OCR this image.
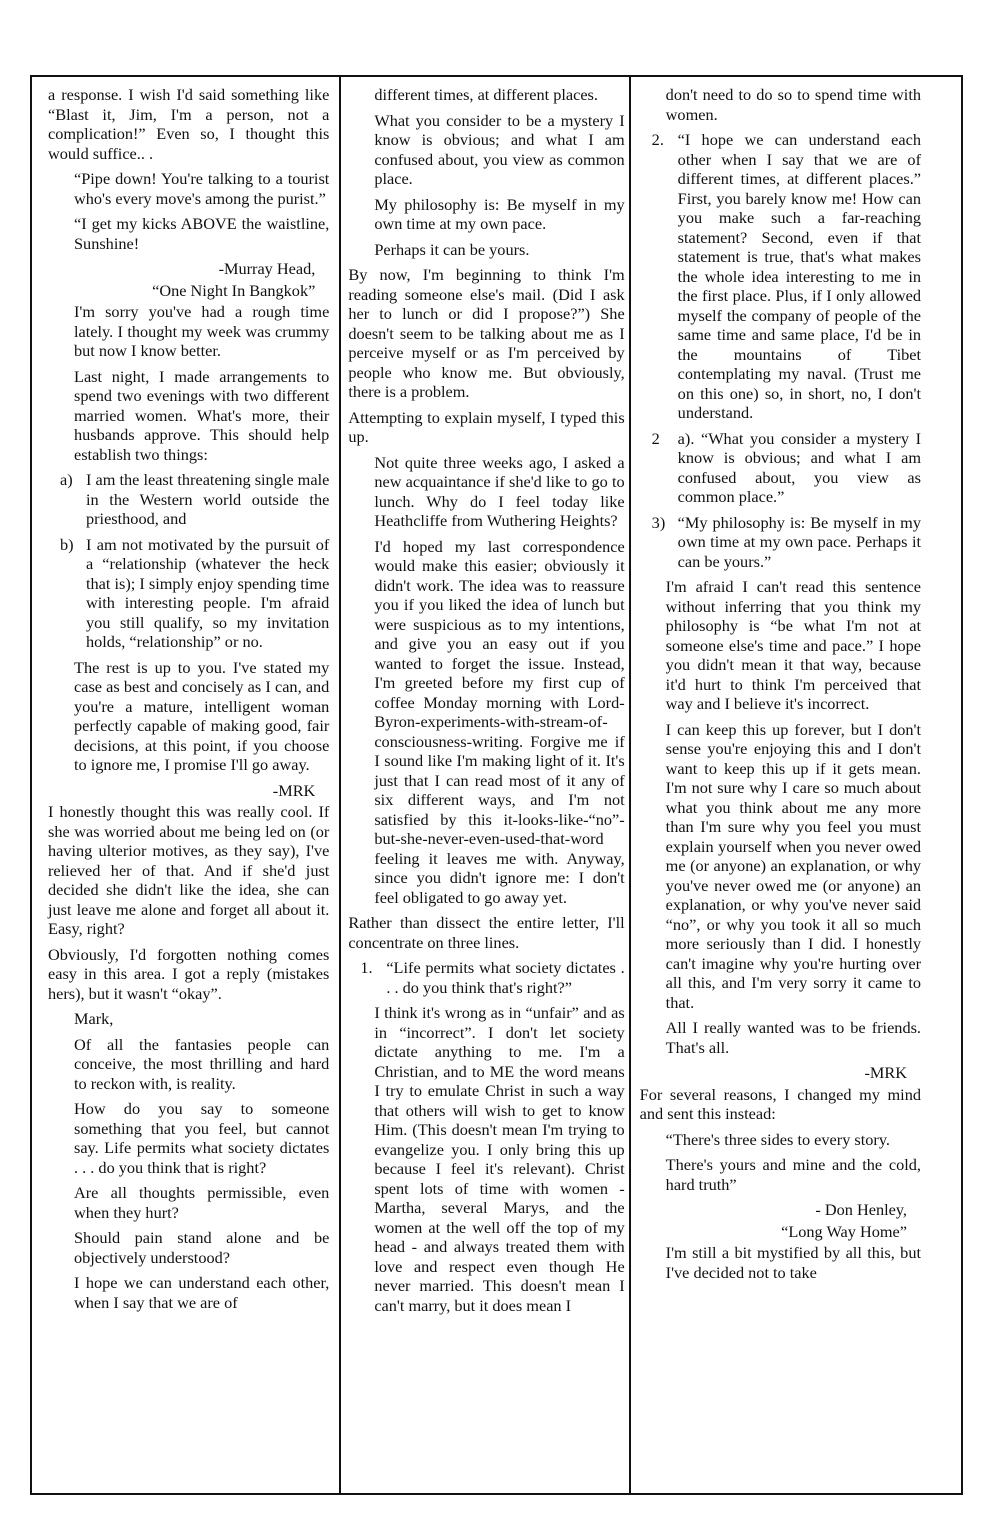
a response. I wish I'd said something like “Blast it, Jim, I'm a person, not a complication!” Even so, I thought this would suffice.. .

“Pipe down! You're talking to a tourist who's every move's among the purist.”

“I get my kicks ABOVE the waistline, Sunshine!

-Murray Head,

“One Night In Bangkok”

I'm sorry you've had a rough time lately. I thought my week was crummy but now I know better.

Last night, I made arrangements to spend two evenings with two different married women. What's more, their husbands approve. This should help establish two things:

a) I am the least threatening single male in the Western world outside the priesthood, and
b) I am not motivated by the pursuit of a “relationship (whatever the heck that is); I simply enjoy spending time with interesting people. I'm afraid you still qualify, so my invitation holds, “relationship” or no.

The rest is up to you. I've stated my case as best and concisely as I can, and you're a mature, intelligent woman perfectly capable of making good, fair decisions, at this point, if you choose to ignore me, I promise I'll go away.

-MRK

I honestly thought this was really cool. If she was worried about me being led on (or having ulterior motives, as they say), I've relieved her of that. And if she'd just decided she didn't like the idea, she can just leave me alone and forget all about it. Easy, right?

Obviously, I'd forgotten nothing comes easy in this area. I got a reply (mistakes hers), but it wasn't “okay”.

Mark,

Of all the fantasies people can conceive, the most thrilling and hard to reckon with, is reality.

How do you say to someone something that you feel, but cannot say. Life permits what society dictates . . . do you think that is right?

Are all thoughts permissible, even when they hurt?

Should pain stand alone and be objectively understood?

I hope we can understand each other, when I say that we are of

different times, at different places.

What you consider to be a mystery I know is obvious; and what I am confused about, you view as common place.

My philosophy is: Be myself in my own time at my own pace.

Perhaps it can be yours.

By now, I'm beginning to think I'm reading someone else's mail. (Did I ask her to lunch or did I propose?”) She doesn't seem to be talking about me as I perceive myself or as I'm perceived by people who know me. But obviously, there is a problem.

Attempting to explain myself, I typed this up.

Not quite three weeks ago, I asked a new acquaintance if she'd like to go to lunch. Why do I feel today like Heathcliffe from Wuthering Heights?

I'd hoped my last correspondence would make this easier; obviously it didn't work. The idea was to reassure you if you liked the idea of lunch but were suspicious as to my intentions, and give you an easy out if you wanted to forget the issue. Instead, I'm greeted before my first cup of coffee Monday morning with Lord-Byron-experiments-with-stream-of-consciousness-writing. Forgive me if I sound like I'm making light of it. It's just that I can read most of it any of six different ways, and I'm not satisfied by this it-looks-like-“no”-but-she-never-even-used-that-word feeling it leaves me with. Anyway, since you didn't ignore me: I don't feel obligated to go away yet.

Rather than dissect the entire letter, I'll concentrate on three lines.

1. “Life permits what society dictates . . . do you think that's right?”

I think it's wrong as in “unfair” and as in “incorrect”. I don't let society dictate anything to me. I'm a Christian, and to ME the word means I try to emulate Christ in such a way that others will wish to get to know Him. (This doesn't mean I'm trying to evangelize you. I only bring this up because I feel it's relevant). Christ spent lots of time with women - Martha, several Marys, and the women at the well off the top of my head - and always treated them with love and respect even though He never married. This doesn't mean I can't marry, but it does mean I

don't need to do so to spend time with women.

2. “I hope we can understand each other when I say that we are of different times, at different places.” First, you barely know me! How can you make such a far-reaching statement? Second, even if that statement is true, that's what makes the whole idea interesting to me in the first place. Plus, if I only allowed myself the company of people of the same time and same place, I'd be in the mountains of Tibet contemplating my naval. (Trust me on this one) so, in short, no, I don't understand.
2	a). “What you consider a mystery I know is obvious; and what I am confused about, you view as common place.”
3) “My philosophy is: Be myself in my own time at my own pace. Perhaps it can be yours.”

I'm afraid I can't read this sentence without inferring that you think my philosophy is “be what I'm not at someone else's time and pace.” I hope you didn't mean it that way, because it'd hurt to think I'm perceived that way and I believe it's incorrect.

I can keep this up forever, but I don't sense you're enjoying this and I don't want to keep this up if it gets mean. I'm not sure why I care so much about what you think about me any more than I'm sure why you feel you must explain yourself when you never owed me (or anyone) an explanation, or why you've never owed me (or anyone) an explanation, or why you've never said “no”, or why you took it all so much more seriously than I did. I honestly can't imagine why you're hurting over all this, and I'm very sorry it came to that.

All I really wanted was to be friends. That's all.

-MRK

For several reasons, I changed my mind and sent this instead:

“There's three sides to every story.

There's yours and mine and the cold, hard truth”

- Don Henley,

“Long Way Home”

I'm still a bit mystified by all this, but I've decided not to take
